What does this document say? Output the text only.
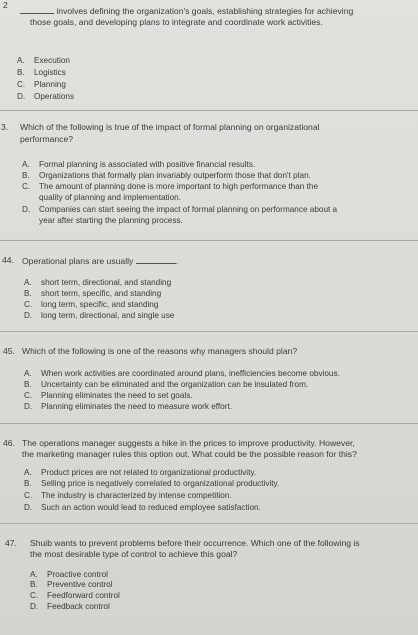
2
involves defining the organization's goals, establishing strategies for achieving
those goals, and developing plans to integrate and coordinate work activities.
A. Execution
B. Logistics
C. Planning
D. Operations
3. Which of the following is true of the impact of formal planning on organizational
performance?
A. Formal planning is associated with positive financial results.
B. Organizations that formally plan invariably outperform those that don't plan.
C. The amount of planning done is more important to high performance than the
quality of planning and implementation.
D. Companies can start seeing the impact of formal planning on performance about a
year after starting the planning process.
44. Operational plans are usually	.
A. short term, directional, and standing
B. short term, specific, and standing
C. long term, specific, and standing
D. long term, directional, and single use
45. Which of the following is one of the reasons why managers should plan?
A. When work activities are coordinated around plans, inefficiencies become obvious.
B. Uncertainty can be eliminated and the organization can be insulated from.
C. Planning eliminates the need to set goals.
D. Planning eliminates the need to measure work effort.
46. The operations manager suggests a hike in the prices to improve productivity. However,
the marketing manager rules this option out. What could be the possible reason for this?
A. Product prices are not related to organizational productivity.
B. Selling price is negatively correlated to organizational productivity.
C. The industry is characterized by intense competition.
D. Such an action would lead to reduced employee satisfaction.
47. Shuib wants to prevent problems before their occurrence. Which one of the following is
the most desirable type of control to achieve this goal?
A. Proactive control
B. Preventive control
C. Feedforward control
D. Feedback control
